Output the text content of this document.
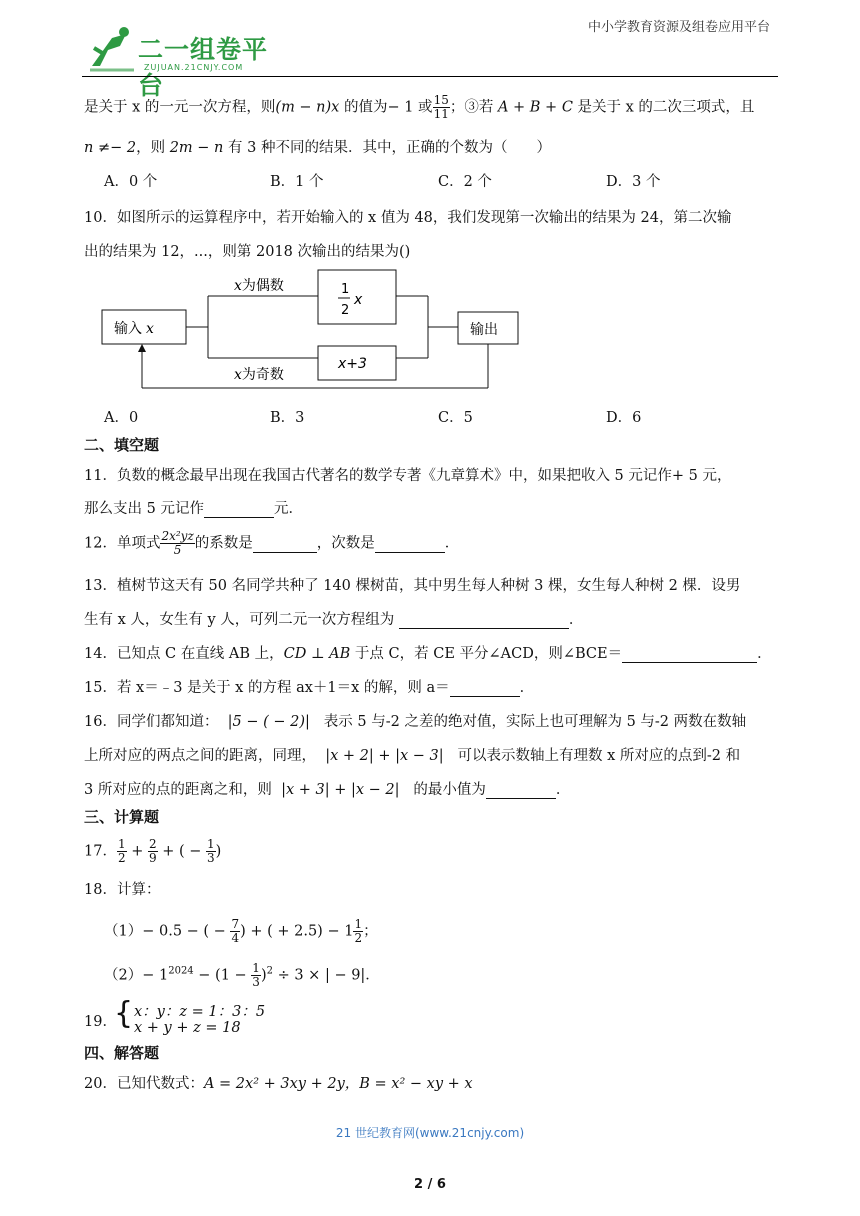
二一组卷平台
ZUJUAN.21CNJY.COM
中小学教育资源及组卷应用平台
是关于 x 的一元一次方程，则(m − n)x 的值为− 1 或 $\frac{15}{11}$ ；③若 A + B + C 是关于 x 的二次三项式，且
n ≠− 2，则 2m − n 有 3 种不同的结果．其中，正确的个数为（　　）
A．0 个	B．1 个	C．2 个	D．3 个
10．如图所示的运算程序中，若开始输入的 x 值为 48，我们发现第一次输出的结果为 24，第二次输
出的结果为 12，...，则第 2018 次输出的结果为()
输入 x
x为偶数	1
2
x
x+3
x为奇数
输出
A．0	B．3	C．5	D．6
二、填空题
11．负数的概念最早出现在我国古代著名的数学专著《九章算术》中，如果把收入 5 元记作+ 5 元，
那么支出 5 元记作	元．
12．单项式 $\frac{\text{2x²yz}}{5}$ 的系数是	，次数是	．
13．植树节这天有 50 名同学共种了 140 棵树苗，其中男生每人种树 3 棵，女生每人种树 2 棵．设男
生有 x 人，女生有 y 人，可列二元一次方程组为	．
14．已知点 C 在直线 AB 上，CD ⊥ AB 于点 C，若 CE 平分∠ACD，则∠BCE＝	．
15．若 x＝﹣3 是关于 x 的方程 ax＋1＝x 的解，则 a＝	．
16．同学们都知道： |5 − ( − 2)| 表示 5 与-2 之差的绝对值，实际上也可理解为 5 与-2 两数在数轴
上所对应的两点之间的距离，同理， |x + 2| + |x − 3| 可以表示数轴上有理数 x 所对应的点到-2 和
3 所对应的点的距离之和，则 |x + 3| + |x − 2| 的最小值为	．
三、计算题
17． $\frac{1}{2} + \frac{2}{9}$ + ( − $\frac{1}{3}$ )
18．计算：
（1）− 0.5 − ( − $\frac{7}{4}$ ) + ( + $2.5) - 1 \frac{1}{2}$ ；
$(2)- 1^{2024} - (1 - \frac{1}{3} )^2 \div 3$ × | − 9|．
19．
{ x：y：z = 1：3：5
x + y + z = 18
四、解答题
20．已知代数式：A = 2x² + 3xy + 2y，B = x² − xy + x
21 世纪教育网(www.21cnjy.com)
2 / 6
